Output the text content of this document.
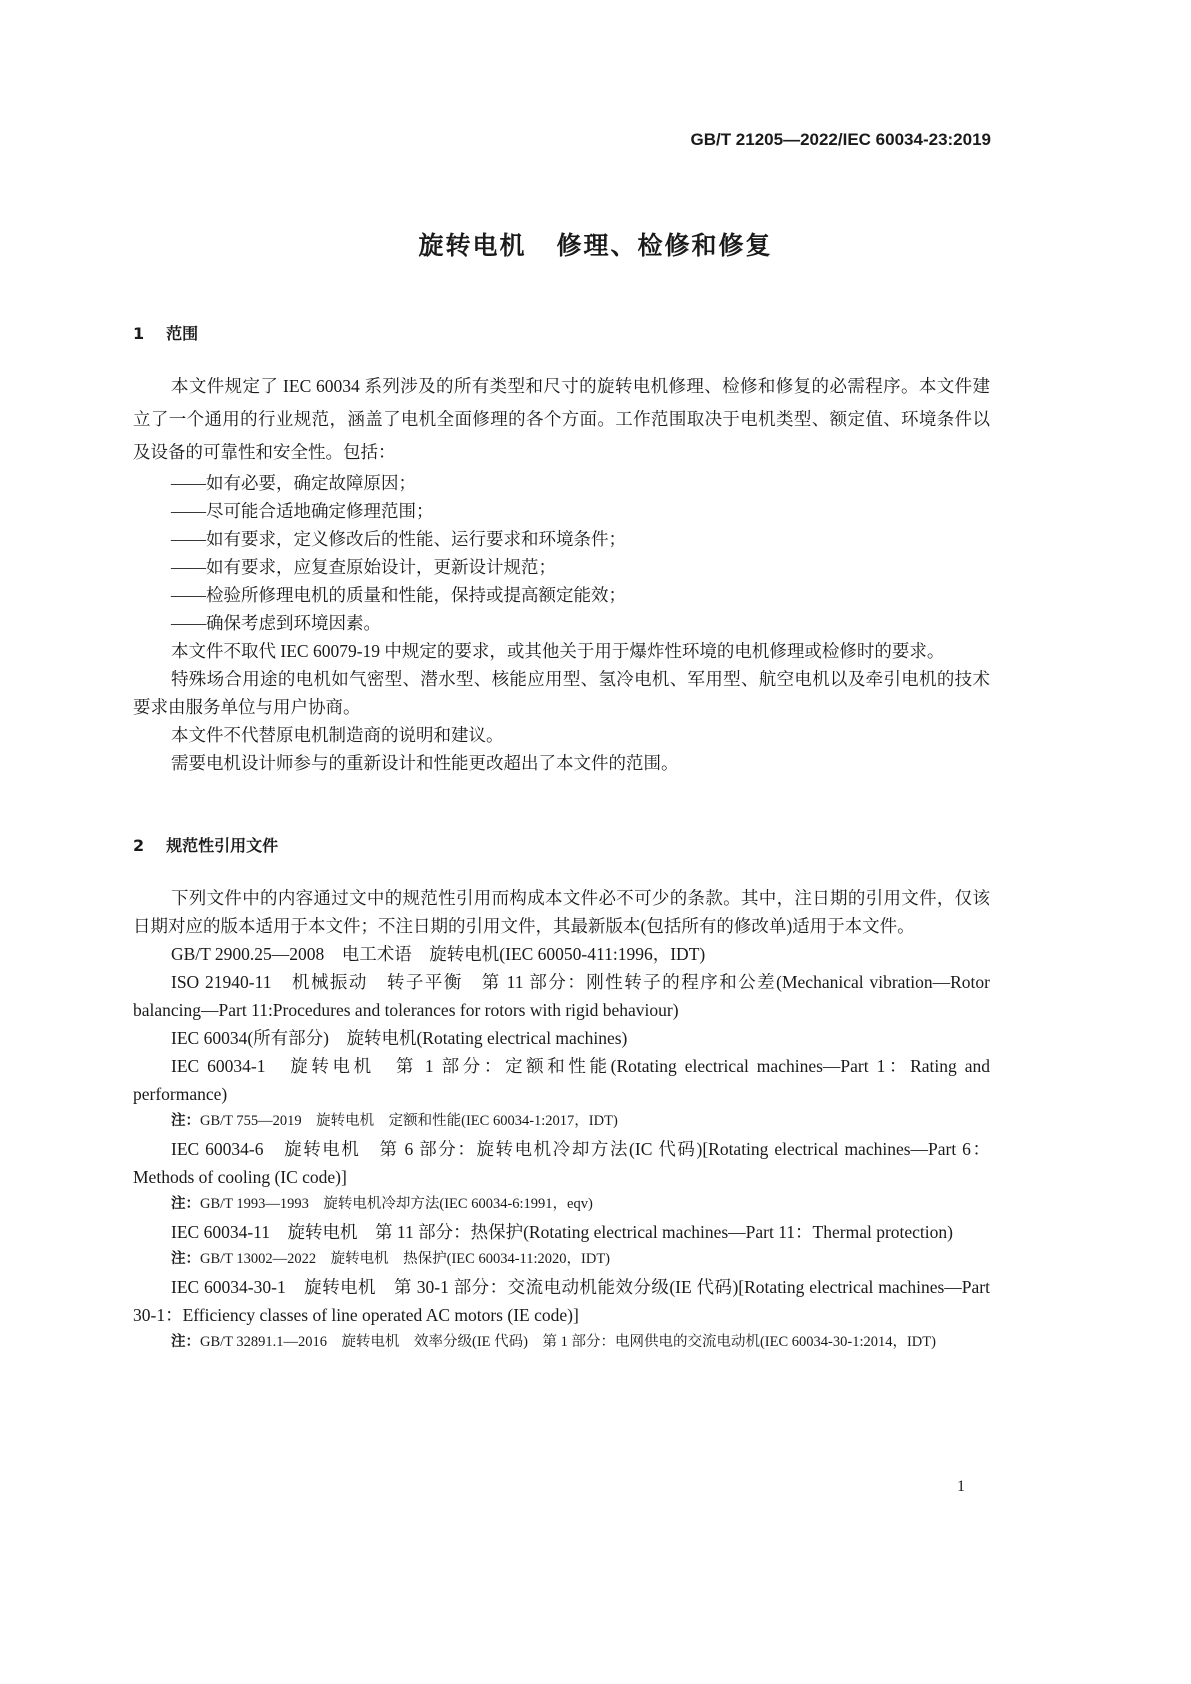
GB/T 21205—2022/IEC 60034-23:2019
旋转电机 修理、检修和修复
1 范围

本文件规定了 IEC 60034 系列涉及的所有类型和尺寸的旋转电机修理、检修和修复的必需程序。本文件建立了一个通用的行业规范，涵盖了电机全面修理的各个方面。工作范围取决于电机类型、额定值、环境条件以及设备的可靠性和安全性。包括：

——如有必要，确定故障原因；

——尽可能合适地确定修理范围；

——如有要求，定义修改后的性能、运行要求和环境条件；

——如有要求，应复查原始设计，更新设计规范；

——检验所修理电机的质量和性能，保持或提高额定能效；

——确保考虑到环境因素。

本文件不取代 IEC 60079-19 中规定的要求，或其他关于用于爆炸性环境的电机修理或检修时的要求。

特殊场合用途的电机如气密型、潜水型、核能应用型、氢冷电机、军用型、航空电机以及牵引电机的技术要求由服务单位与用户协商。

本文件不代替原电机制造商的说明和建议。

需要电机设计师参与的重新设计和性能更改超出了本文件的范围。

2 规范性引用文件

下列文件中的内容通过文中的规范性引用而构成本文件必不可少的条款。其中，注日期的引用文件，仅该日期对应的版本适用于本文件；不注日期的引用文件，其最新版本(包括所有的修改单)适用于本文件。

GB/T 2900.25—2008　电工术语　旋转电机(IEC 60050-411:1996，IDT)

ISO 21940-11　机械振动　转子平衡　第 11 部分：刚性转子的程序和公差(Mechanical vibration—Rotor balancing—Part 11:Procedures and tolerances for rotors with rigid behaviour)

IEC 60034(所有部分)　旋转电机(Rotating electrical machines)

IEC 60034-1　旋转电机　第 1 部分：定额和性能(Rotating electrical machines—Part 1：Rating and performance)

注：GB/T 755—2019　旋转电机　定额和性能(IEC 60034-1:2017，IDT)

IEC 60034-6　旋转电机　第 6 部分：旋转电机冷却方法(IC 代码)[Rotating electrical machines—Part 6：Methods of cooling (IC code)]

注：GB/T 1993—1993　旋转电机冷却方法(IEC 60034-6:1991，eqv)

IEC 60034-11　旋转电机　第 11 部分：热保护(Rotating electrical machines—Part 11：Thermal protection)

注：GB/T 13002—2022　旋转电机　热保护(IEC 60034-11:2020，IDT)

IEC 60034-30-1　旋转电机　第 30-1 部分：交流电动机能效分级(IE 代码)[Rotating electrical machines—Part 30-1：Efficiency classes of line operated AC motors (IE code)]

注：GB/T 32891.1—2016　旋转电机　效率分级(IE 代码)　第 1 部分：电网供电的交流电动机(IEC 60034-30-1:2014，IDT)

1
